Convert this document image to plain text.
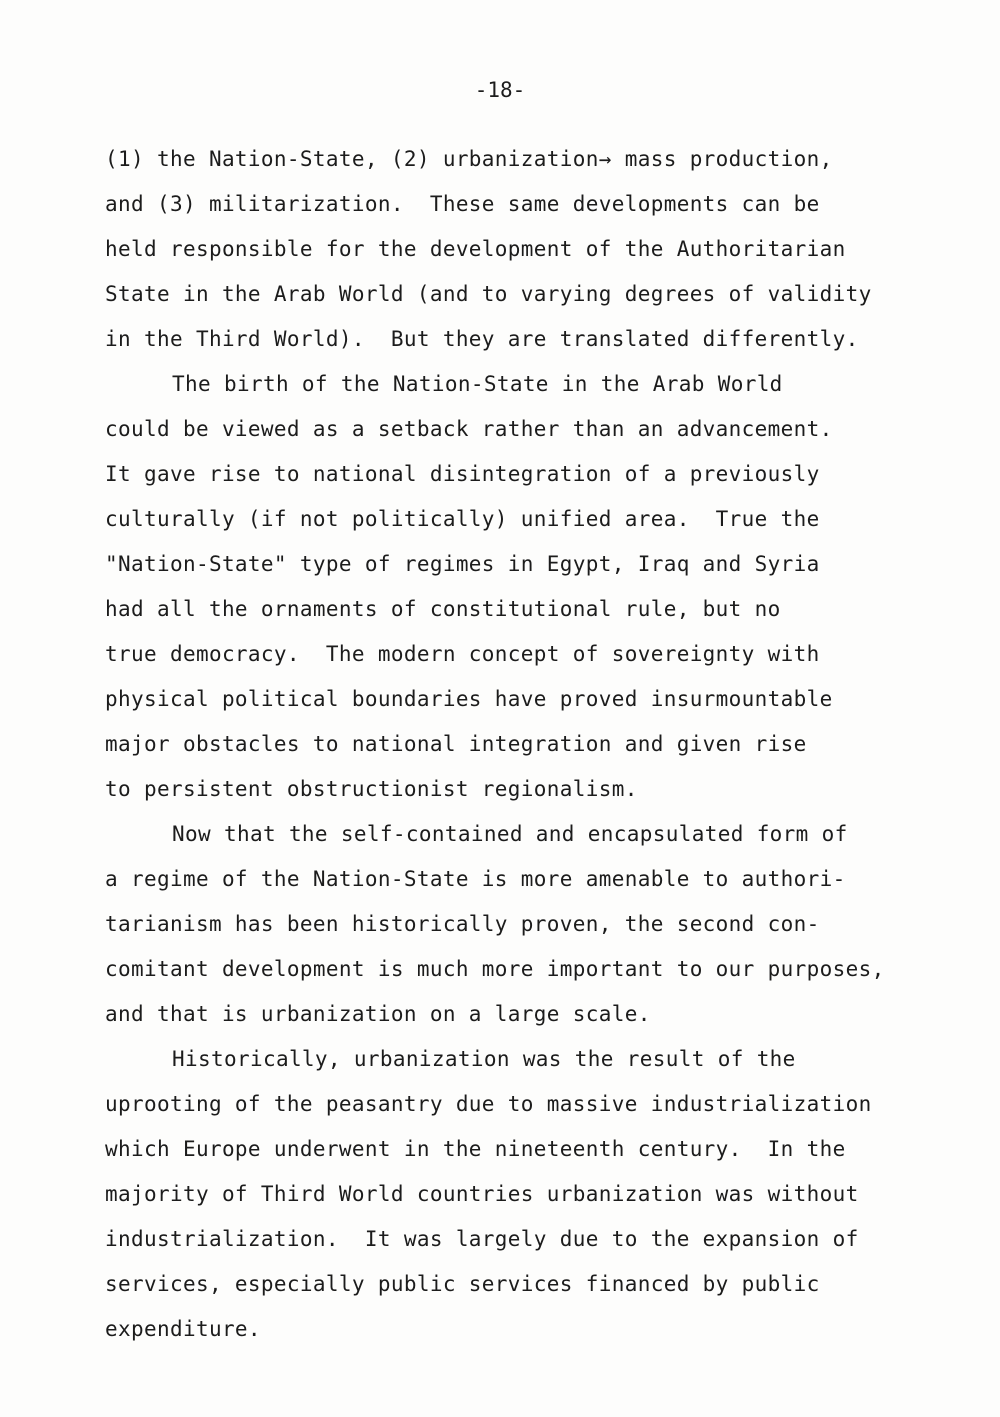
-18-
(1) the Nation-State, (2) urbanization→ mass production,
and (3) militarization.  These same developments can be
held responsible for the development of the Authoritarian
State in the Arab World (and to varying degrees of validity
in the Third World).  But they are translated differently.
The birth of the Nation-State in the Arab World
could be viewed as a setback rather than an advancement.
It gave rise to national disintegration of a previously
culturally (if not politically) unified area.  True the
"Nation-State" type of regimes in Egypt, Iraq and Syria
had all the ornaments of constitutional rule, but no
true democracy.  The modern concept of sovereignty with
physical political boundaries have proved insurmountable
major obstacles to national integration and given rise
to persistent obstructionist regionalism.
Now that the self-contained and encapsulated form of
a regime of the Nation-State is more amenable to authori-
tarianism has been historically proven, the second con-
comitant development is much more important to our purposes,
and that is urbanization on a large scale.
Historically, urbanization was the result of the
uprooting of the peasantry due to massive industrialization
which Europe underwent in the nineteenth century.  In the
majority of Third World countries urbanization was without
industrialization.  It was largely due to the expansion of
services, especially public services financed by public
expenditure.
